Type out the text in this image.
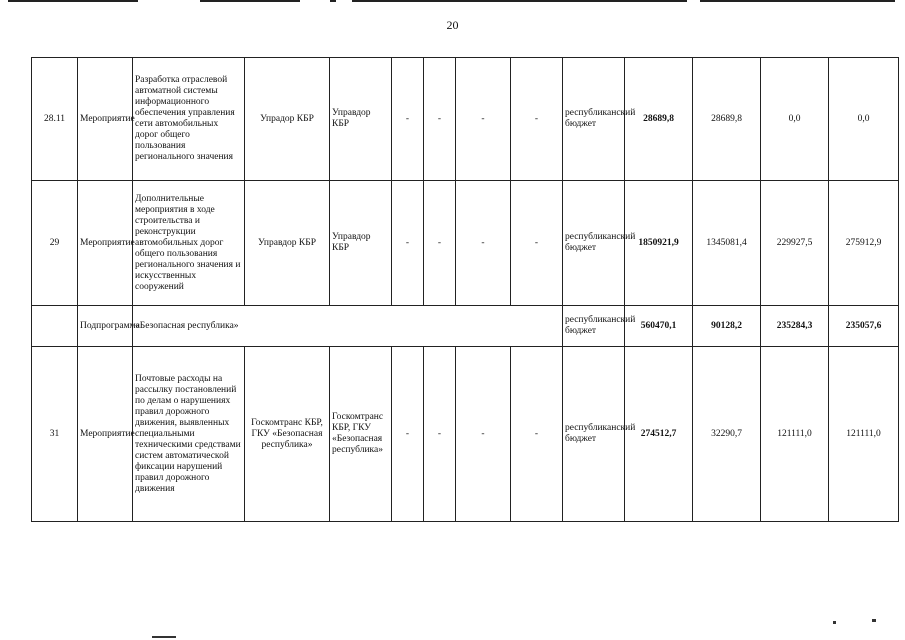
20
28.11	Мероприятие	Разработка отраслевой автоматной системы информационного обеспечения управления сети автомобильных дорог общего пользования регионального значения	Упрадор КБР	Управдор КБР	-	-	-	-	республиканский бюджет	28689,8	28689,8	0,0	0,0
29	Мероприятие	Дополнительные мероприятия в ходе строительства и реконструкции автомобильных дорог общего пользования регионального значения и искусственных сооружений	Управдор КБР	Управдор КБР	-	-	-	-	республиканский бюджет	1850921,9	1345081,4	229927,5	275912,9
	Подпрограмма	«Безопасная республика»							республиканский бюджет	560470,1	90128,2	235284,3	235057,6
31	Мероприятие	Почтовые расходы на рассылку постановлений по делам о нарушениях правил дорожного движения, выявленных специальными техническими средствами систем автоматической фиксации нарушений правил дорожного движения	Госкомтранс КБР, ГКУ «Безопасная республика»	Госкомтранс КБР, ГКУ «Безопасная республика»	-	-	-	-	республиканский бюджет	274512,7	32290,7	121111,0	121111,0
